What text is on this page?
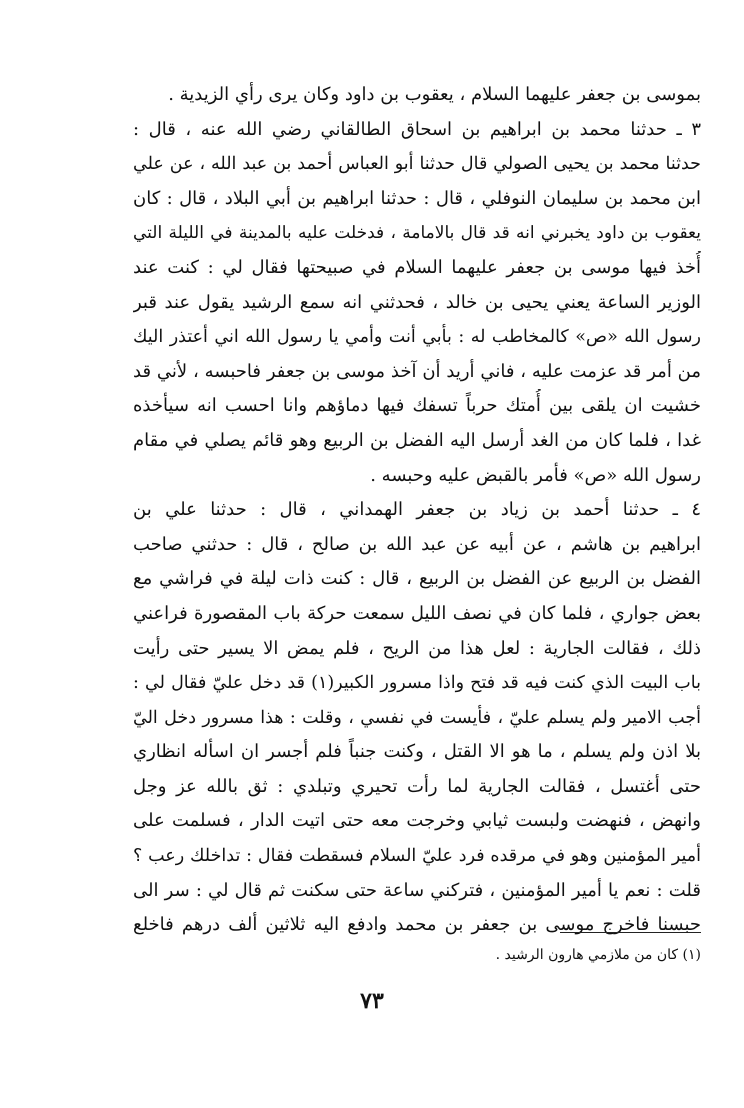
بموسى بن جعفر عليهما السلام ، يعقوب بن داود وكان يرى رأي الزيدية .
٣ ـ حدثنا محمد بن ابراهيم بن اسحاق الطالقاني رضي الله عنه ، قال :
حدثنا محمد بن يحيى الصولي قال حدثنا أبو العباس أحمد بن عبد الله ، عن علي
ابن محمد بن سليمان النوفلي ، قال : حدثنا ابراهيم بن أبي البلاد ، قال : كان
يعقوب بن داود يخبرني انه قد قال بالامامة ، فدخلت عليه بالمدينة في الليلة التي
أُخذ فيها موسى بن جعفر عليهما السلام في صبيحتها فقال لي : كنت عند
الوزير الساعة يعني يحيى بن خالد ، فحدثني انه سمع الرشيد يقول عند قبر
رسول الله «ص» كالمخاطب له : بأبي أنت وأمي يا رسول الله اني أعتذر اليك
من أمر قد عزمت عليه ، فاني أريد أن آخذ موسى بن جعفر فاحبسه ، لأني قد
خشيت ان يلقى بين أُمتك حرباً تسفك فيها دماؤهم وانا احسب انه سيأخذه
غدا ، فلما كان من الغد أرسل اليه الفضل بن الربيع وهو قائم يصلي في مقام
رسول الله «ص» فأمر بالقبض عليه وحبسه .
٤ ـ حدثنا أحمد بن زياد بن جعفر الهمداني ، قال : حدثنا علي بن
ابراهيم بن هاشم ، عن أبيه عن عبد الله بن صالح ، قال : حدثني صاحب
الفضل بن الربيع عن الفضل بن الربيع ، قال : كنت ذات ليلة في فراشي مع
بعض جواري ، فلما كان في نصف الليل سمعت حركة باب المقصورة فراعني
ذلك ، فقالت الجارية : لعل هذا من الريح ، فلم يمض الا يسير حتى رأيت
باب البيت الذي كنت فيه قد فتح واذا مسرور الكبير(١) قد دخل عليّ فقال لي :
أجب الامير ولم يسلم عليّ ، فأيست في نفسي ، وقلت : هذا مسرور دخل اليّ
بلا اذن ولم يسلم ، ما هو الا القتل ، وكنت جنباً فلم أجسر ان اسأله انظاري
حتى أغتسل ، فقالت الجارية لما رأت تحيري وتبلدي : ثق بالله عز وجل
وانهض ، فنهضت ولبست ثيابي وخرجت معه حتى اتيت الدار ، فسلمت على
أمير المؤمنين وهو في مرقده فرد عليّ السلام فسقطت فقال : تداخلك رعب ؟
قلت : نعم يا أمير المؤمنين ، فتركني ساعة حتى سكنت ثم قال لي : سر الى
حبسنا فاخرج موسى بن جعفر بن محمد وادفع اليه ثلاثين ألف درهم فاخلع
(١) كان من ملازمي هارون الرشيد .
٧٣
